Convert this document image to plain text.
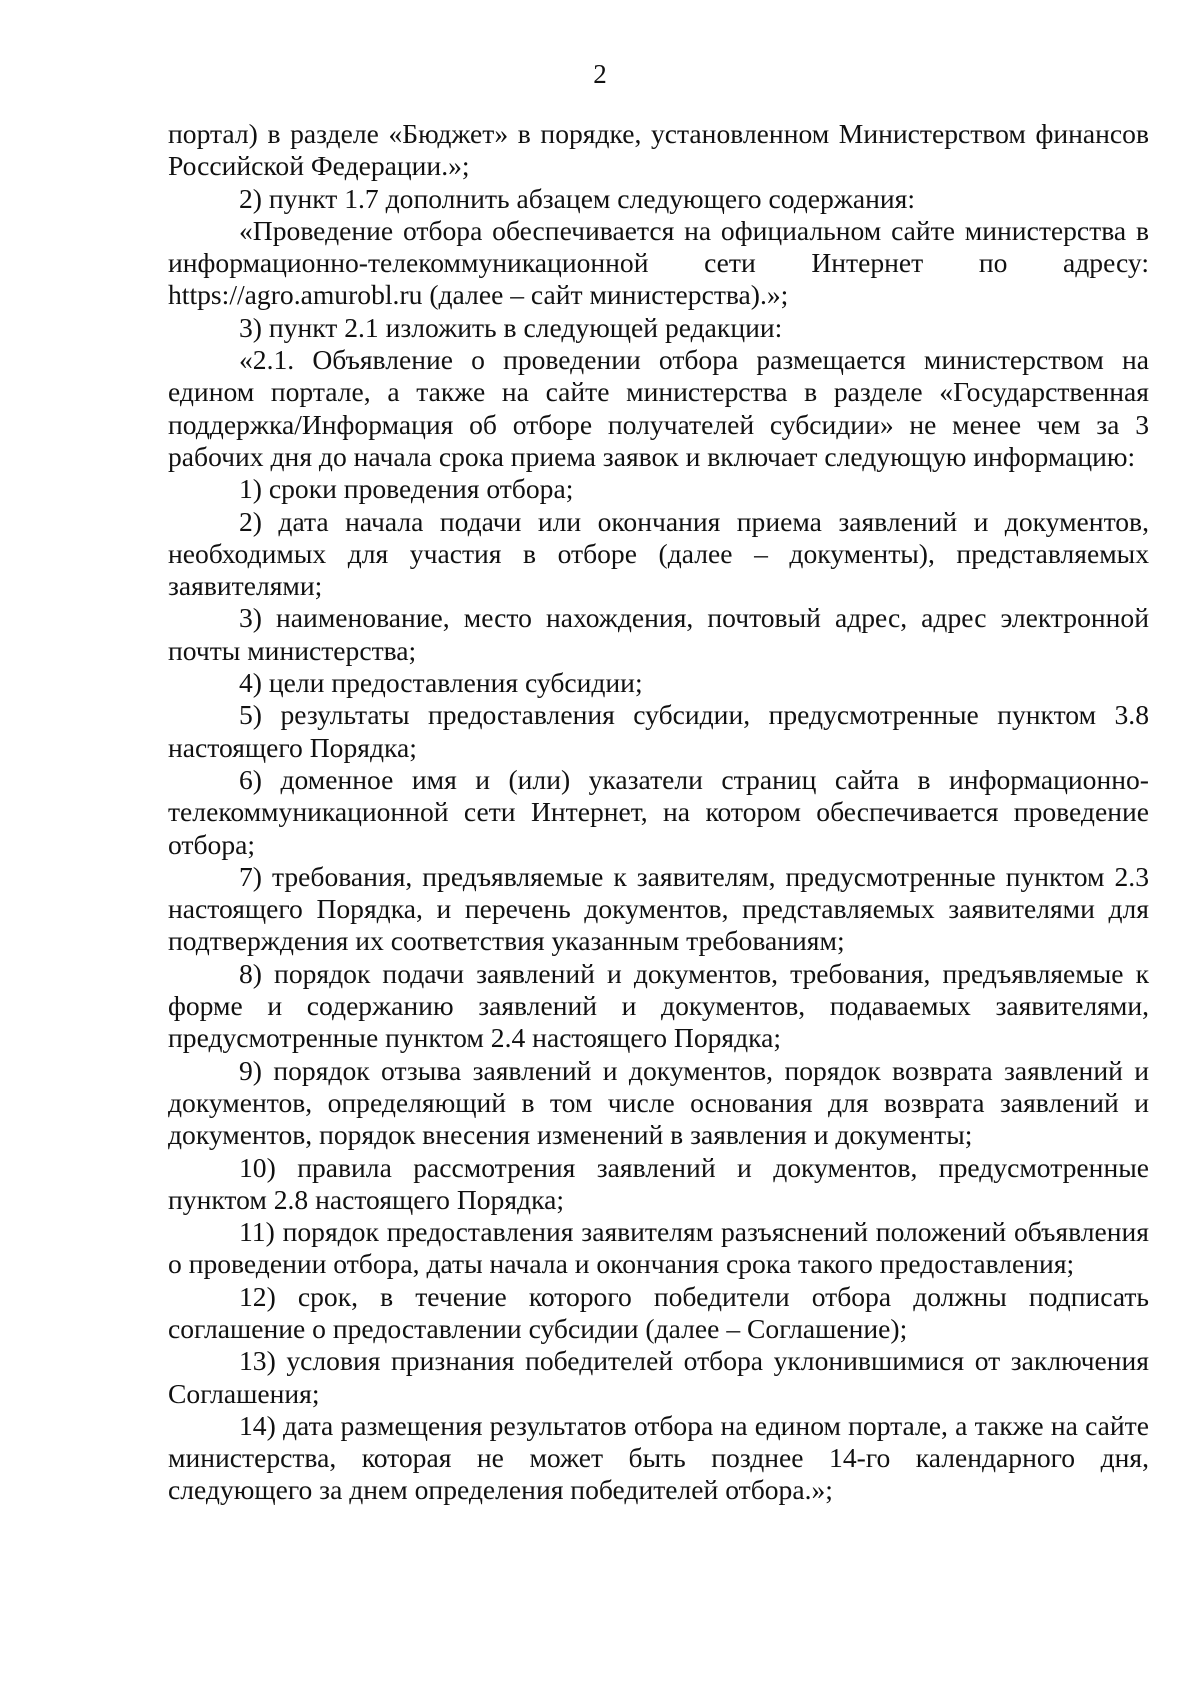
2

портал) в разделе «Бюджет» в порядке, установленном Министерством финансов Российской Федерации.»;

2) пункт 1.7 дополнить абзацем следующего содержания:

«Проведение отбора обеспечивается на официальном сайте министерства в информационно-телекоммуникационной сети Интернет по адресу: https://agro.amurobl.ru (далее – сайт министерства).»;

3) пункт 2.1 изложить в следующей редакции:

«2.1. Объявление о проведении отбора размещается министерством на едином портале, а также на сайте министерства в разделе «Государственная поддержка/Информация об отборе получателей субсидии» не менее чем за 3 рабочих дня до начала срока приема заявок и включает следующую информацию:

1) сроки проведения отбора;

2) дата начала подачи или окончания приема заявлений и документов, необходимых для участия в отборе (далее – документы), представляемых заявителями;

3) наименование, место нахождения, почтовый адрес, адрес электронной почты министерства;

4) цели предоставления субсидии;

5) результаты предоставления субсидии, предусмотренные пунктом 3.8 настоящего Порядка;

6) доменное имя и (или) указатели страниц сайта в информационно-телекоммуникационной сети Интернет, на котором обеспечивается проведение отбора;

7) требования, предъявляемые к заявителям, предусмотренные пунктом 2.3 настоящего Порядка, и перечень документов, представляемых заявителями для подтверждения их соответствия указанным требованиям;

8) порядок подачи заявлений и документов, требования, предъявляемые к форме и содержанию заявлений и документов, подаваемых заявителями, предусмотренные пунктом 2.4 настоящего Порядка;

9) порядок отзыва заявлений и документов, порядок возврата заявлений и документов, определяющий в том числе основания для возврата заявлений и документов, порядок внесения изменений в заявления и документы;

10) правила рассмотрения заявлений и документов, предусмотренные пунктом 2.8 настоящего Порядка;

11) порядок предоставления заявителям разъяснений положений объявления о проведении отбора, даты начала и окончания срока такого предоставления;

12) срок, в течение которого победители отбора должны подписать соглашение о предоставлении субсидии (далее – Соглашение);

13) условия признания победителей отбора уклонившимися от заключения Соглашения;

14) дата размещения результатов отбора на едином портале, а также на сайте министерства, которая не может быть позднее 14-го календарного дня, следующего за днем определения победителей отбора.»;
